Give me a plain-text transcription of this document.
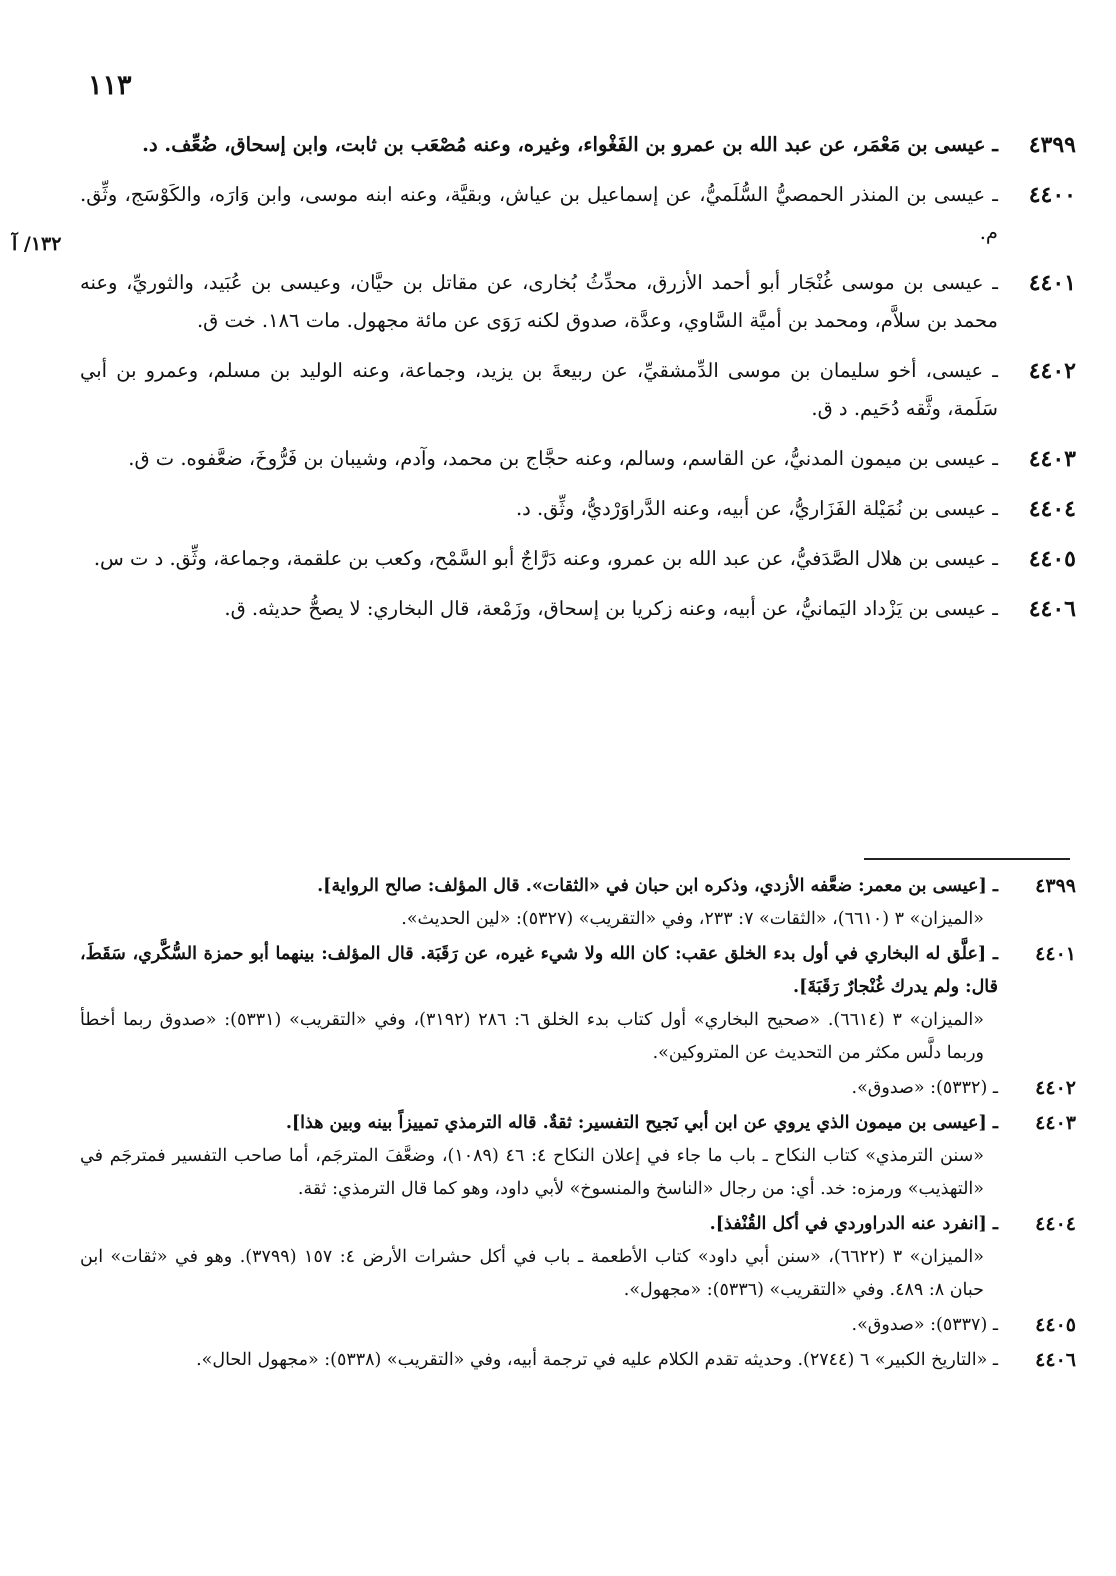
١١٣
٤٣٩٩
ـ عيسى بن مَعْمَر، عن عبد الله بن عمرو بن الفَغْواء، وغيره، وعنه مُصْعَب بن ثابت، وابن إسحاق، ضُعِّف. د.
٤٤٠٠
ـ عيسى بن المنذر الحمصيُّ السُّلَميُّ، عن إسماعيل بن عياش، وبقيَّة، وعنه ابنه موسى، وابن وَارَه، والكَوْسَج، وثِّق. م.
٤٤٠١
ـ عيسى بن موسى غُنْجَار أبو أحمد الأزرق، محدِّثُ بُخارى، عن مقاتل بن حيَّان، وعيسى بن عُبَيد، والثوريِّ، وعنه محمد بن سلاَّم، ومحمد بن أميَّة السَّاوي، وعدَّة، صدوق لكنه رَوَى عن مائة مجهول. مات ١٨٦. خت ق.
٤٤٠٢
ـ عيسى، أخو سليمان بن موسى الدِّمشقيِّ، عن ربيعةَ بن يزيد، وجماعة، وعنه الوليد بن مسلم، وعمرو بن أبي سَلَمة، وثَّقه دُحَيم. د ق.
٤٤٠٣
ـ عيسى بن ميمون المدنيُّ، عن القاسم، وسالم، وعنه حجَّاج بن محمد، وآدم، وشيبان بن فَرُّوخَ، ضعَّفوه. ت ق.
٤٤٠٤
ـ عيسى بن نُمَيْلة الفَزَاريُّ، عن أبيه، وعنه الدَّراوَرْديُّ، وثِّق. د.
٤٤٠٥
ـ عيسى بن هلال الصَّدَفيُّ، عن عبد الله بن عمرو، وعنه دَرَّاجٌ أبو السَّمْح، وكعب بن علقمة، وجماعة، وثِّق. د ت س.
٤٤٠٦
ـ عيسى بن يَزْداد اليَمانيُّ، عن أبيه، وعنه زكريا بن إسحاق، وزَمْعة، قال البخاري: لا يصحُّ حديثه. ق.
١٣٢/ آ
٤٣٩٩
ـ [عيسى بن معمر: ضعَّفه الأزدي، وذكره ابن حبان في «الثقات». قال المؤلف: صالح الرواية].
«الميزان» ٣ (٦٦١٠)، «الثقات» ٧: ٢٣٣، وفي «التقريب» (٥٣٢٧): «لين الحديث».
٤٤٠١
ـ [علَّق له البخاري في أول بدء الخلق عقب: كان الله ولا شيء غيره، عن رَقَبَة. قال المؤلف: بينهما أبو حمزة السُّكَّري، سَقَطَ، قال: ولم يدرك غُنْجارٌ رَقَبَةَ].
«الميزان» ٣ (٦٦١٤). «صحيح البخاري» أول كتاب بدء الخلق ٦: ٢٨٦ (٣١٩٢)، وفي «التقريب» (٥٣٣١): «صدوق ربما أخطأ وربما دلَّس مكثر من التحديث عن المتروكين».
٤٤٠٢
ـ (٥٣٣٢): «صدوق».
٤٤٠٣
ـ [عيسى بن ميمون الذي يروي عن ابن أبي نَجيح التفسير: ثقةٌ. قاله الترمذي تمييزاً بينه وبين هذا].
«سنن الترمذي» كتاب النكاح ـ باب ما جاء في إعلان النكاح ٤: ٤٦ (١٠٨٩)، وضعَّفَ المترجَم، أما صاحب التفسير فمترجَم في «التهذيب» ورمزه: خد. أي: من رجال «الناسخ والمنسوخ» لأبي داود، وهو كما قال الترمذي: ثقة.
٤٤٠٤
ـ [انفرد عنه الدراوردي في أكل القُنْفذ].
«الميزان» ٣ (٦٦٢٢)، «سنن أبي داود» كتاب الأطعمة ـ باب في أكل حشرات الأرض ٤: ١٥٧ (٣٧٩٩). وهو في «ثقات» ابن حبان ٨: ٤٨٩. وفي «التقريب» (٥٣٣٦): «مجهول».
٤٤٠٥
ـ (٥٣٣٧): «صدوق».
٤٤٠٦
ـ «التاريخ الكبير» ٦ (٢٧٤٤). وحديثه تقدم الكلام عليه في ترجمة أبيه، وفي «التقريب» (٥٣٣٨): «مجهول الحال».
